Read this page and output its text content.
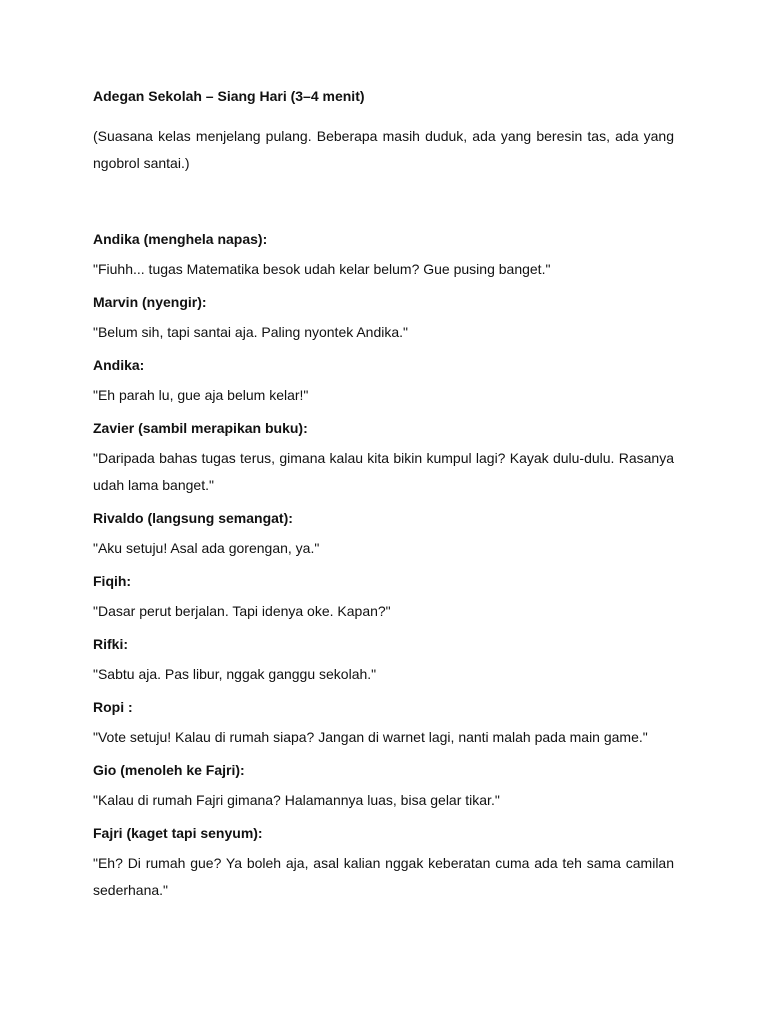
Adegan Sekolah – Siang Hari (3–4 menit)
(Suasana kelas menjelang pulang. Beberapa masih duduk, ada yang beresin tas, ada yang ngobrol santai.)
Andika (menghela napas):
"Fiuhh... tugas Matematika besok udah kelar belum? Gue pusing banget."
Marvin (nyengir):
"Belum sih, tapi santai aja. Paling nyontek Andika."
Andika:
"Eh parah lu, gue aja belum kelar!"
Zavier (sambil merapikan buku):
"Daripada bahas tugas terus, gimana kalau kita bikin kumpul lagi? Kayak dulu-dulu. Rasanya udah lama banget."
Rivaldo (langsung semangat):
"Aku setuju! Asal ada gorengan, ya."
Fiqih:
"Dasar perut berjalan. Tapi idenya oke. Kapan?"
Rifki:
"Sabtu aja. Pas libur, nggak ganggu sekolah."
Ropi :
"Vote setuju! Kalau di rumah siapa? Jangan di warnet lagi, nanti malah pada main game."
Gio (menoleh ke Fajri):
"Kalau di rumah Fajri gimana? Halamannya luas, bisa gelar tikar."
Fajri (kaget tapi senyum):
"Eh? Di rumah gue? Ya boleh aja, asal kalian nggak keberatan cuma ada teh sama camilan sederhana."
